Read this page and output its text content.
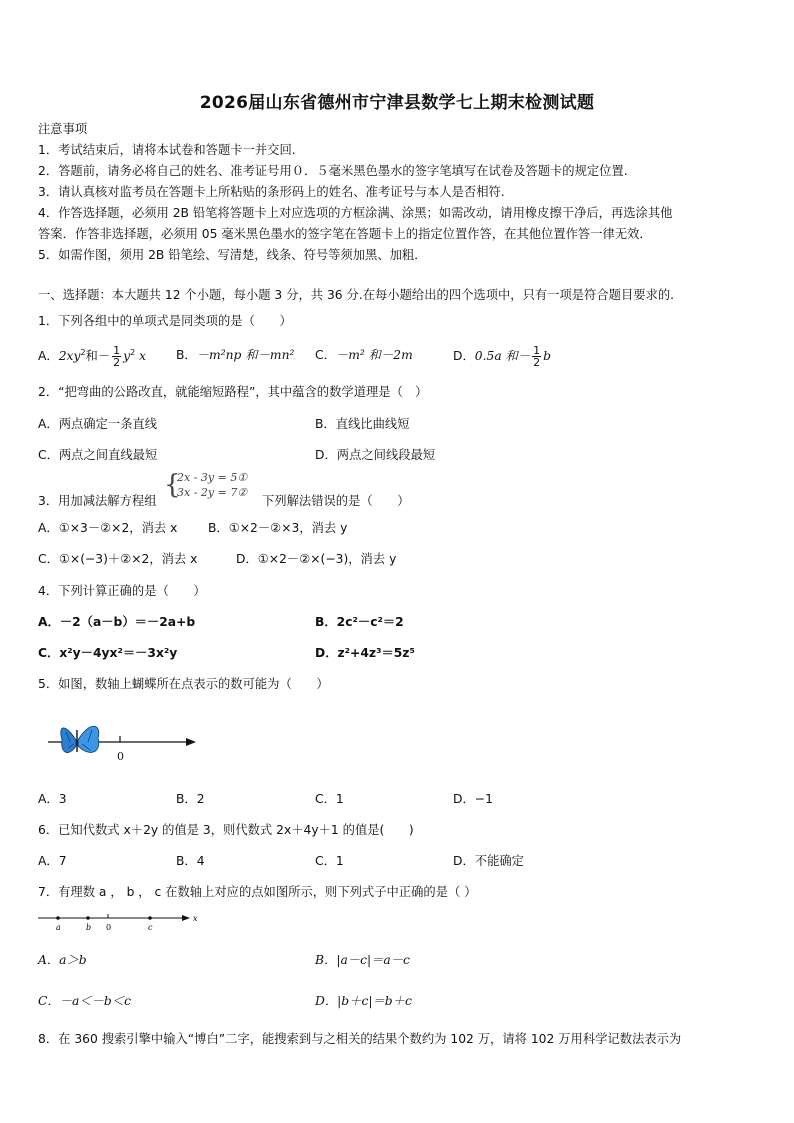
2026届山东省德州市宁津县数学七上期末检测试题
注意事项
1．考试结束后，请将本试卷和答题卡一并交回.
2．答题前，请务必将自己的姓名、准考证号用０．５毫米黑色墨水的签字笔填写在试卷及答题卡的规定位置.
3．请认真核对监考员在答题卡上所粘贴的条形码上的姓名、准考证号与本人是否相符.
4．作答选择题，必须用 2B 铅笔将答题卡上对应选项的方框涂满、涂黑；如需改动，请用橡皮擦干净后，再选涂其他
答案．作答非选择题，必须用 05 毫米黑色墨水的签字笔在答题卡上的指定位置作答，在其他位置作答一律无效．
5．如需作图，须用 2B 铅笔绘、写清楚，线条、符号等须加黑、加粗．
一、选择题：本大题共 12 个小题，每小题 3 分，共 36 分.在每小题给出的四个选项中，只有一项是符合题目要求的.
1．下列各组中的单项式是同类项的是（　　）
A．$2xy^2$和－ $\frac{1}{2} y^2$ x B．－m²np 和－mn² C．－m² 和－2m	D．0.5a 和－ $\frac{1}{2}$ b
2．“把弯曲的公路改直，就能缩短路程”，其中蕴含的数学道理是（　）
A．两点确定一条直线	B．直线比曲线短
C．两点之间直线最短	D．两点之间线段最短
3．用加减法解方程组
{
2x - 3y = 5①
3x - 2y = 7②
下列解法错误的是（　　）
A．①×3－②×2，消去 x B．①×2－②×3，消去 y
C．①×(−3)＋②×2，消去 x	D．①×2－②×(−3)，消去 y
4．下列计算正确的是（　　）
A．－2（a－b）＝－2a+b	B．2c²－c²＝2
C．x²y－4yx²＝－3x²y	D．z²+4z³＝5z⁵
5．如图，数轴上蝴蝶所在点表示的数可能为（　　）
0
A．3	B．2	C．1	D．−1
6．已知代数式 x＋2y 的值是 3，则代数式 2x＋4y＋1 的值是(　　)
A．7	B．4	C．1	D．不能确定
7．有理数 a ， b ， c 在数轴上对应的点如图所示，则下列式子中正确的是（ ）
a	b 0	c
x
A．a＞b	B．|a－c|＝a－c
C．－a＜－b＜c	D．|b＋c|＝b＋c
8．在 360 搜索引擎中输入“博白”二字，能搜索到与之相关的结果个数约为 102 万，请将 102 万用科学记数法表示为
